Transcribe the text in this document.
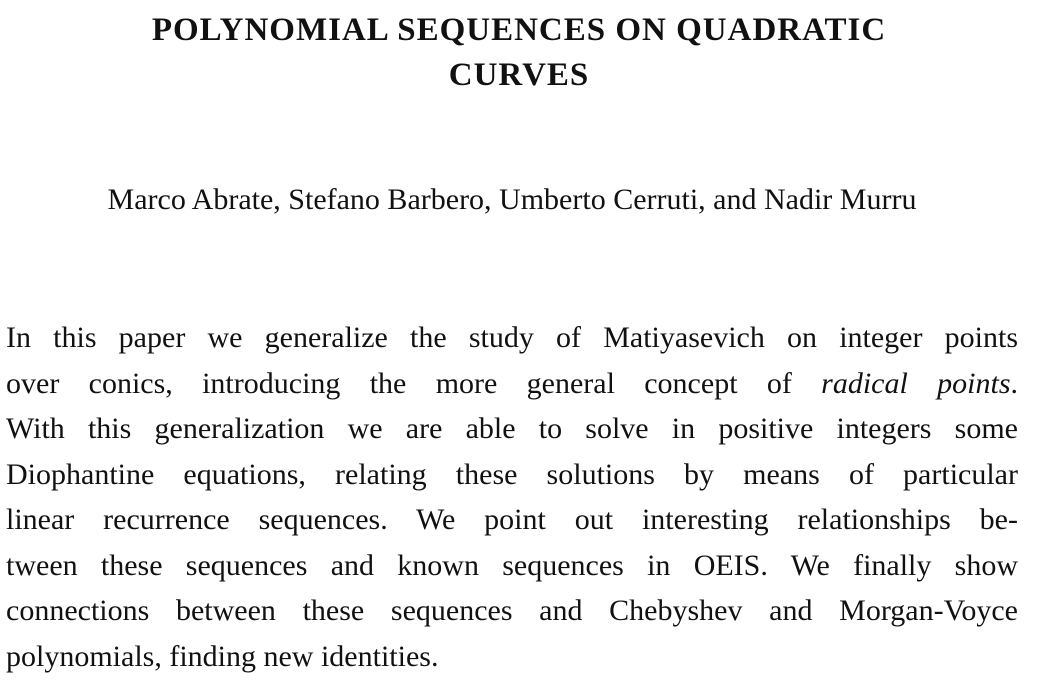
POLYNOMIAL SEQUENCES ON QUADRATIC
CURVES

Marco Abrate, Stefano Barbero, Umberto Cerruti, and Nadir Murru

In this paper we generalize the study of Matiyasevich on integer points
over conics, introducing the more general concept of radical points.
With this generalization we are able to solve in positive integers some
Diophantine equations, relating these solutions by means of particular
linear recurrence sequences. We point out interesting relationships be-
tween these sequences and known sequences in OEIS. We finally show
connections between these sequences and Chebyshev and Morgan-Voyce
polynomials, finding new identities.
